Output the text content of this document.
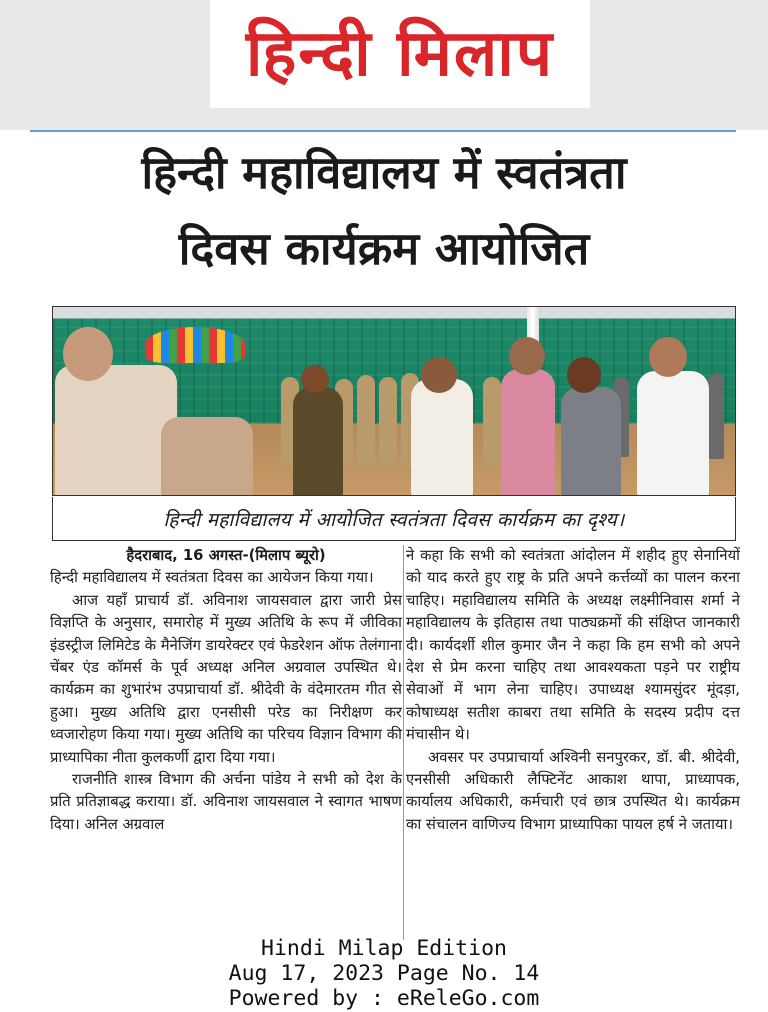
हिन्दी मिलाप
हिन्दी महाविद्यालय में स्वतंत्रता
दिवस कार्यक्रम आयोजित
हिन्दी महाविद्यालय में आयोजित स्वतंत्रता दिवस कार्यक्रम का दृश्य।
हैदराबाद, 16 अगस्त-(मिलाप ब्यूरो)

हिन्दी महाविद्यालय में स्वतंत्रता दिवस का आयेजन किया गया।

आज यहाँ प्राचार्य डॉ. अविनाश जायसवाल द्वारा जारी प्रेस विज्ञप्ति के अनुसार, समारोह में मुख्य अतिथि के रूप में जीविका इंडस्ट्रीज लिमिटेड के मैनेजिंग डायरेक्टर एवं फेडरेशन ऑफ तेलंगाना चेंबर एंड कॉमर्स के पूर्व अध्यक्ष अनिल अग्रवाल उपस्थित थे। कार्यक्रम का शुभारंभ उपप्राचार्या डॉ. श्रीदेवी के वंदेमारतम गीत से हुआ। मुख्य अतिथि द्वारा एनसीसी परेड का निरीक्षण कर ध्वजारोहण किया गया। मुख्य अतिथि का परिचय विज्ञान विभाग की प्राध्यापिका नीता कुलकर्णी द्वारा दिया गया।

राजनीति शास्त्र विभाग की अर्चना पांडेय ने सभी को देश के प्रति प्रतिज्ञाबद्ध कराया। डॉ. अविनाश जायसवाल ने स्वागत भाषण दिया। अनिल अग्रवाल

ने कहा कि सभी को स्वतंत्रता आंदोलन में शहीद हुए सेनानियों को याद करते हुए राष्ट्र के प्रति अपने कर्त्तव्यों का पालन करना चाहिए। महाविद्यालय समिति के अध्यक्ष लक्ष्मीनिवास शर्मा ने महाविद्यालय के इतिहास तथा पाठ्यक्रमों की संक्षिप्त जानकारी दी। कार्यदर्शी शील कुमार जैन ने कहा कि हम सभी को अपने देश से प्रेम करना चाहिए तथा आवश्यकता पड़ने पर राष्ट्रीय सेवाओं में भाग लेना चाहिए। उपाध्यक्ष श्यामसुंदर मूंदड़ा, कोषाध्यक्ष सतीश काबरा तथा समिति के सदस्य प्रदीप दत्त मंचासीन थे।

अवसर पर उपप्राचार्या अश्विनी सनपुरकर, डॉ. बी. श्रीदेवी, एनसीसी अधिकारी लैफ्टिनेंट आकाश थापा, प्राध्यापक, कार्यालय अधिकारी, कर्मचारी एवं छात्र उपस्थित थे। कार्यक्रम का संचालन वाणिज्य विभाग प्राध्यापिका पायल हर्ष ने जताया।

Hindi Milap Edition
Aug 17, 2023 Page No. 14
Powered by : eReleGo.com
